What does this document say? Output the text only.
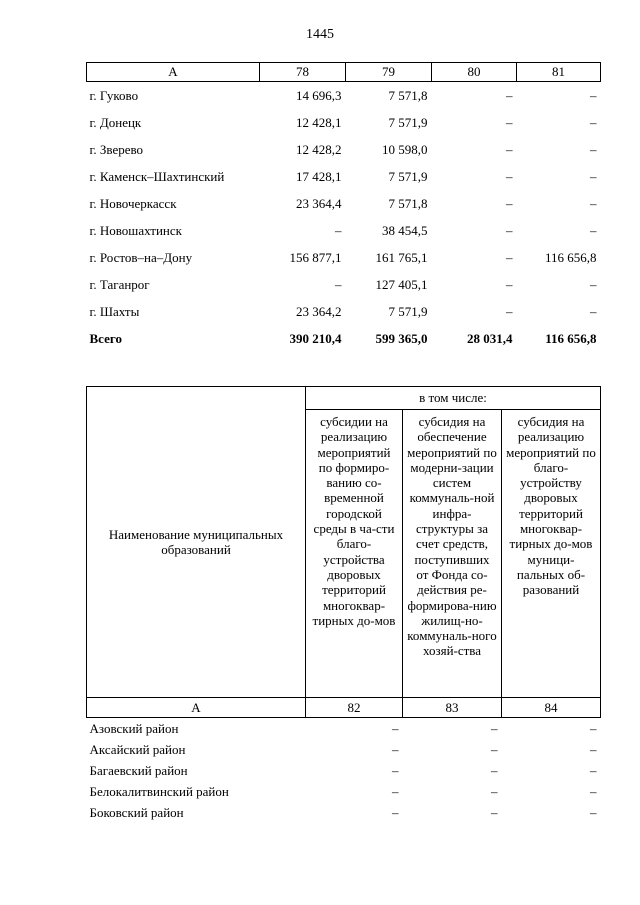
1445
А	78	79	80	81
г. Гуково	14 696,3	7 571,8	–	–
г. Донецк	12 428,1	7 571,9	–	–
г. Зверево	12 428,2	10 598,0	–	–
г. Каменск–Шахтинский	17 428,1	7 571,9	–	–
г. Новочеркасск	23 364,4	7 571,8	–	–
г. Новошахтинск	–	38 454,5	–	–
г. Ростов–на–Дону	156 877,1	161 765,1	–	116 656,8
г. Таганрог	–	127 405,1	–	–
г. Шахты	23 364,2	7 571,9	–	–
Всего	390 210,4	599 365,0	28 031,4	116 656,8
Наименование муниципальных образований	в том числе:		
	субсидии на реализацию мероприятий по формиро-ванию со-временной городской среды в ча-сти благо-устройства дворовых территорий многоквар-тирных до-мов	субсидия на обеспечение мероприятий по модерни-зации систем коммуналь-ной инфра-структуры за счет средств, поступивших от Фонда со-действия ре-формирова-нию жилищ-но-коммуналь-ного хозяй-ства	субсидия на реализацию мероприятий по благо-устройству дворовых территорий многоквар-тирных до-мов муници-пальных об-разований
А	82	83	84
Азовский район	–	–	–
Аксайский район	–	–	–
Багаевский район	–	–	–
Белокалитвинский район	–	–	–
Боковский район	–	–	–
